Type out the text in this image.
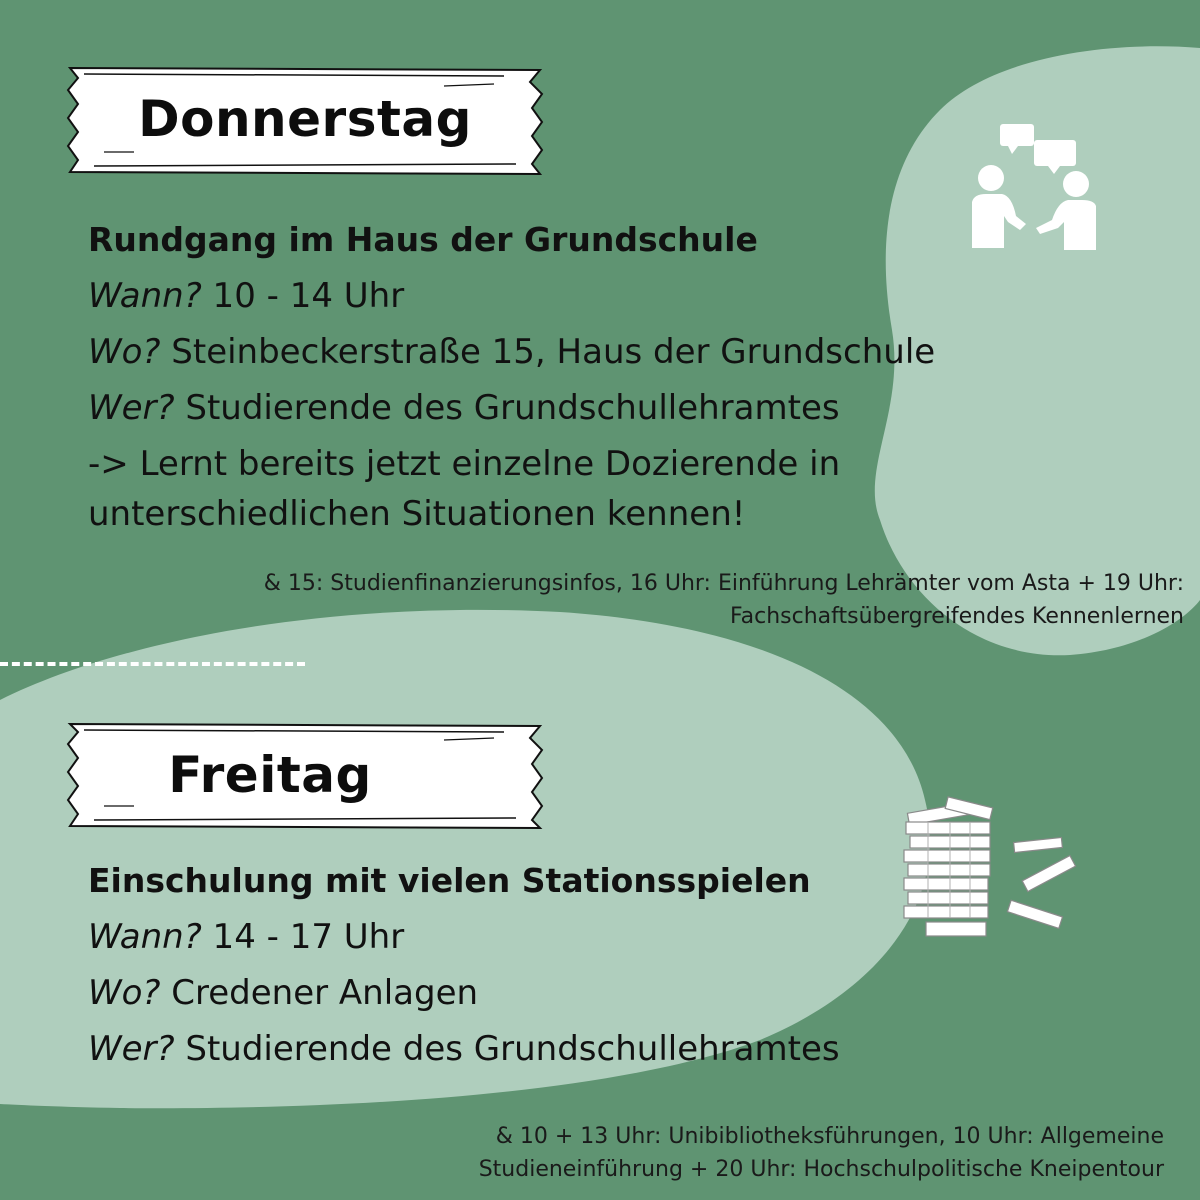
Donnerstag
Rundgang im Haus der Grundschule
Wann? 10 - 14 Uhr
Wo? Steinbeckerstraße 15, Haus der Grundschule
Wer? Studierende des Grundschullehramtes
-> Lernt bereits jetzt einzelne Dozierende in
unterschiedlichen Situationen kennen!
& 15: Studienfinanzierungsinfos, 16 Uhr: Einführung Lehrämter vom Asta + 19 Uhr:
Fachschaftsübergreifendes Kennenlernen
Freitag
Einschulung mit vielen Stationsspielen
Wann? 14 - 17 Uhr
Wo? Credener Anlagen
Wer? Studierende des Grundschullehramtes
& 10 + 13 Uhr: Unibibliotheksführungen, 10 Uhr: Allgemeine
Studieneinführung + 20 Uhr: Hochschulpolitische Kneipentour
